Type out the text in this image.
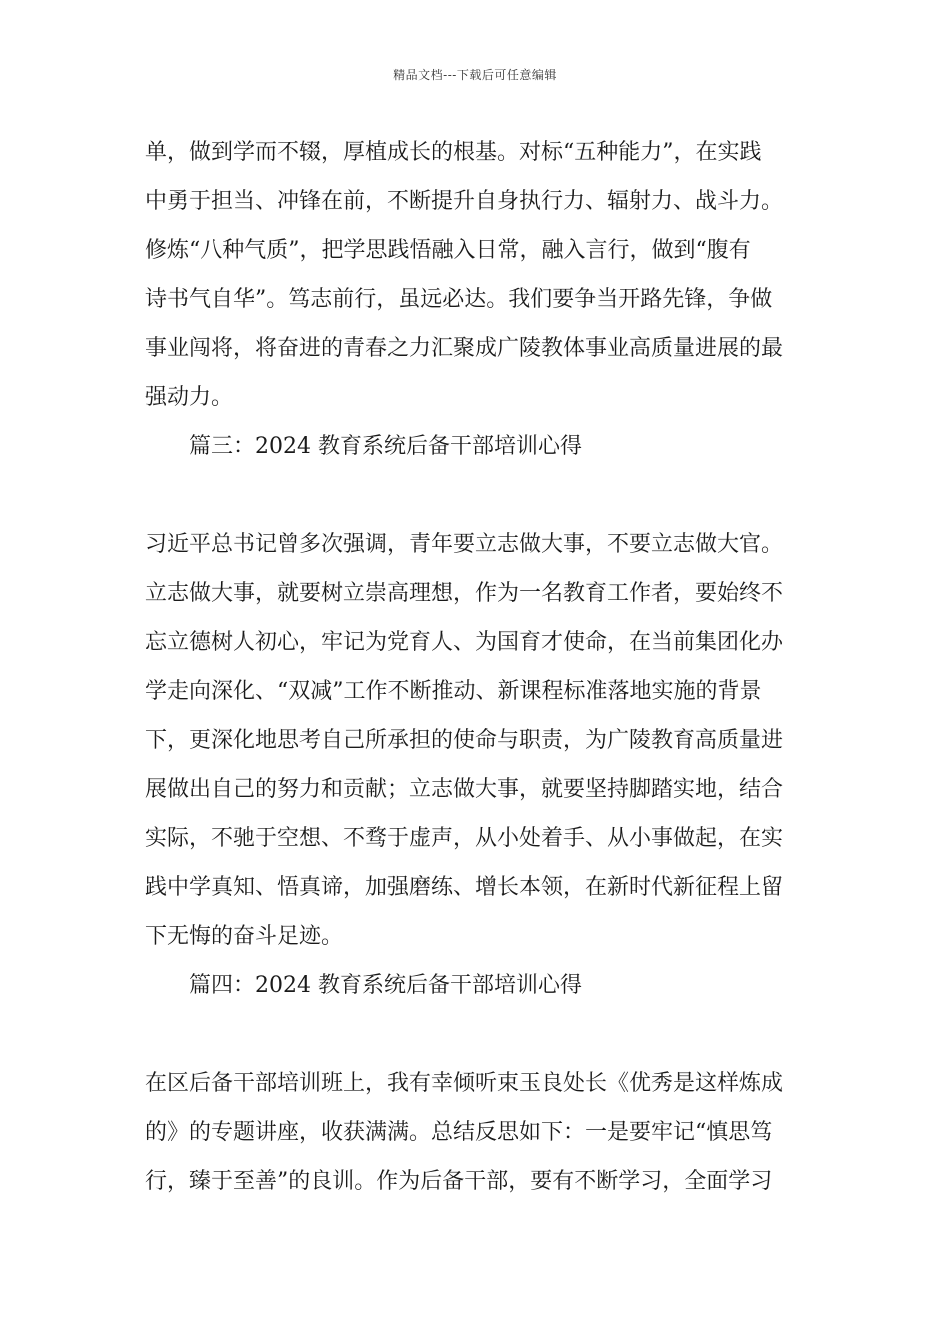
精品文档---下载后可任意编辑
单，做到学而不辍，厚植成长的根基。对标“五种能力”，在实践
中勇于担当、冲锋在前，不断提升自身执行力、辐射力、战斗力。
修炼“八种气质”，把学思践悟融入日常，融入言行，做到“腹有
诗书气自华”。笃志前行，虽远必达。我们要争当开路先锋，争做
事业闯将，将奋进的青春之力汇聚成广陵教体事业高质量进展的最
强动力。
篇三：2024 教育系统后备干部培训心得
习近平总书记曾多次强调，青年要立志做大事，不要立志做大官。
立志做大事，就要树立崇高理想，作为一名教育工作者，要始终不
忘立德树人初心，牢记为党育人、为国育才使命，在当前集团化办
学走向深化、“双减”工作不断推动、新课程标准落地实施的背景
下，更深化地思考自己所承担的使命与职责，为广陵教育高质量进
展做出自己的努力和贡献；立志做大事，就要坚持脚踏实地，结合
实际，不驰于空想、不骛于虚声，从小处着手、从小事做起，在实
践中学真知、悟真谛，加强磨练、增长本领，在新时代新征程上留
下无悔的奋斗足迹。
篇四：2024 教育系统后备干部培训心得
在区后备干部培训班上，我有幸倾听束玉良处长《优秀是这样炼成
的》的专题讲座，收获满满。总结反思如下：一是要牢记“慎思笃
行，臻于至善”的良训。作为后备干部，要有不断学习，全面学习
